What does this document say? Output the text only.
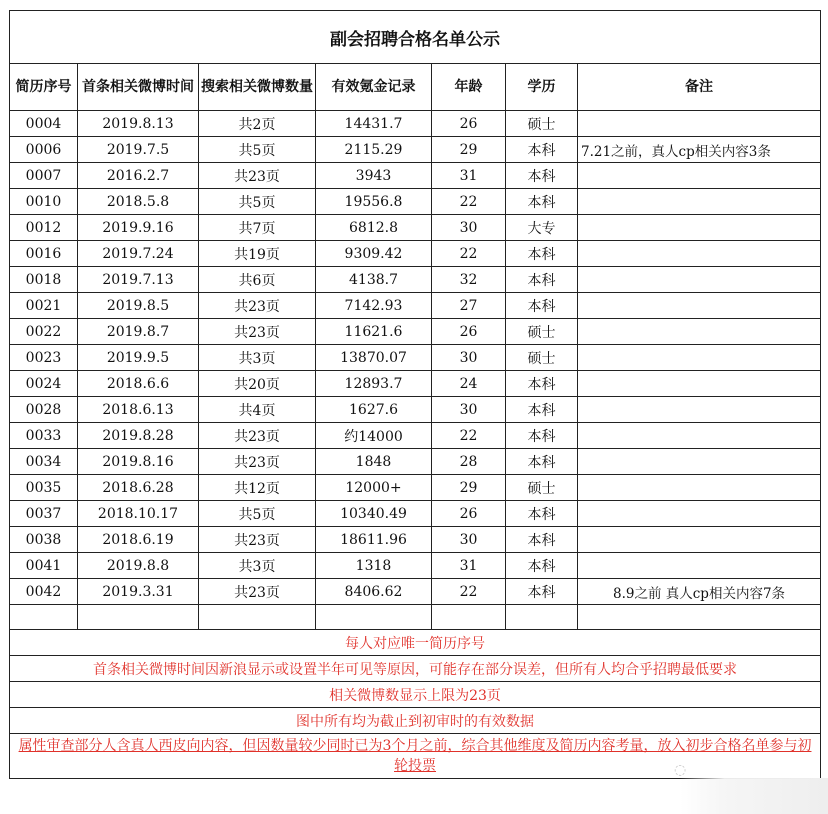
副会招聘合格名单公示						
简历序号	首条相关微博时间	搜索相关微博数量	有效氪金记录	年龄	学历	备注
0004	2019.8.13	共2页	14431.7	26	硕士	
0006	2019.7.5	共5页	2115.29	29	本科	7.21之前，真人cp相关内容3条
0007	2016.2.7	共23页	3943	31	本科	
0010	2018.5.8	共5页	19556.8	22	本科	
0012	2019.9.16	共7页	6812.8	30	大专	
0016	2019.7.24	共19页	9309.42	22	本科	
0018	2019.7.13	共6页	4138.7	32	本科	
0021	2019.8.5	共23页	7142.93	27	本科	
0022	2019.8.7	共23页	11621.6	26	硕士	
0023	2019.9.5	共3页	13870.07	30	硕士	
0024	2018.6.6	共20页	12893.7	24	本科	
0028	2018.6.13	共4页	1627.6	30	本科	
0033	2019.8.28	共23页	约14000	22	本科	
0034	2019.8.16	共23页	1848	28	本科	
0035	2018.6.28	共12页	12000+	29	硕士	
0037	2018.10.17	共5页	10340.49	26	本科	
0038	2018.6.19	共23页	18611.96	30	本科	
0041	2019.8.8	共3页	1318	31	本科	
0042	2019.3.31	共23页	8406.62	22	本科	8.9之前 真人cp相关内容7条

每人对应唯一简历序号						
首条相关微博时间因新浪显示或设置半年可见等原因，可能存在部分误差，但所有人均合乎招聘最低要求						
相关微博数显示上限为23页						
图中所有均为截止到初审时的有效数据						
属性审查部分人含真人西皮向内容，但因数量较少同时已为3个月之前，综合其他维度及简历内容考量，放入初步合格名单参与初轮投票							◌
